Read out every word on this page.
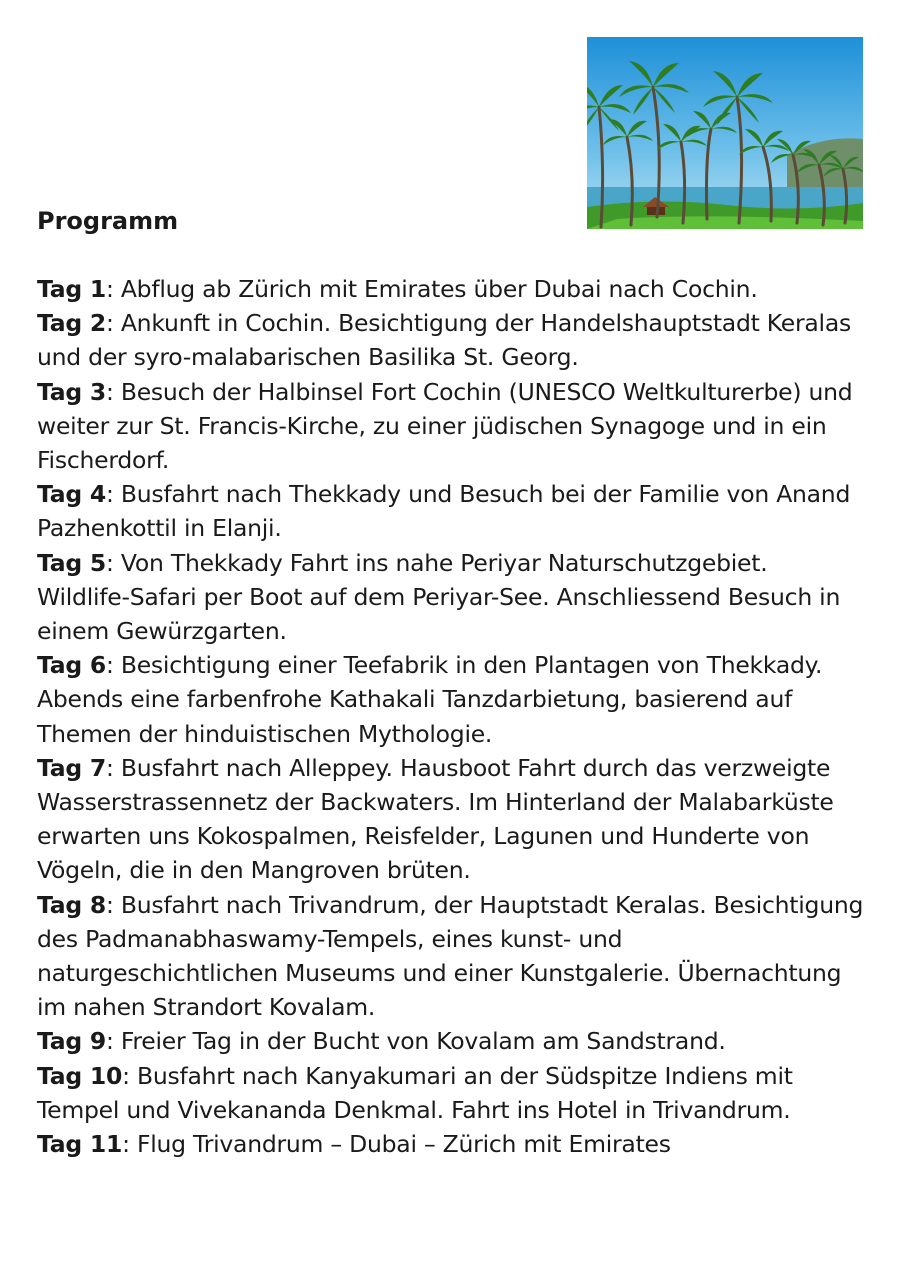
Programm
Tag 1: Abflug ab Zürich mit Emirates über Dubai nach Cochin.
Tag 2: Ankunft in Cochin. Besichtigung der Handelshauptstadt Keralas und der syro-malabarischen Basilika St. Georg.
Tag 3: Besuch der Halbinsel Fort Cochin (UNESCO Weltkulturerbe) und weiter zur St. Francis-Kirche, zu einer jüdischen Synagoge und in ein Fischerdorf.
Tag 4: Busfahrt nach Thekkady und Besuch bei der Familie von Anand Pazhenkottil in Elanji.
Tag 5: Von Thekkady Fahrt ins nahe Periyar Naturschutzgebiet. Wildlife-Safari per Boot auf dem Periyar-See. Anschliessend Besuch in einem Gewürzgarten.
Tag 6: Besichtigung einer Teefabrik in den Plantagen von Thekkady. Abends eine farbenfrohe Kathakali Tanzdarbietung, basierend auf Themen der hinduistischen Mythologie.
Tag 7: Busfahrt nach Alleppey. Hausboot Fahrt durch das verzweigte Wasserstrassennetz der Backwaters. Im Hinterland der Malabarküste erwarten uns Kokospalmen, Reisfelder, Lagunen und Hunderte von Vögeln, die in den Mangroven brüten.
Tag 8: Busfahrt nach Trivandrum, der Hauptstadt Keralas. Besichtigung des Padmanabhaswamy-Tempels, eines kunst- und naturgeschichtlichen Museums und einer Kunstgalerie. Übernachtung im nahen Strandort Kovalam.
Tag 9: Freier Tag in der Bucht von Kovalam am Sandstrand.
Tag 10: Busfahrt nach Kanyakumari an der Südspitze Indiens mit Tempel und Vivekananda Denkmal. Fahrt ins Hotel in Trivandrum.
Tag 11: Flug Trivandrum – Dubai – Zürich mit Emirates
